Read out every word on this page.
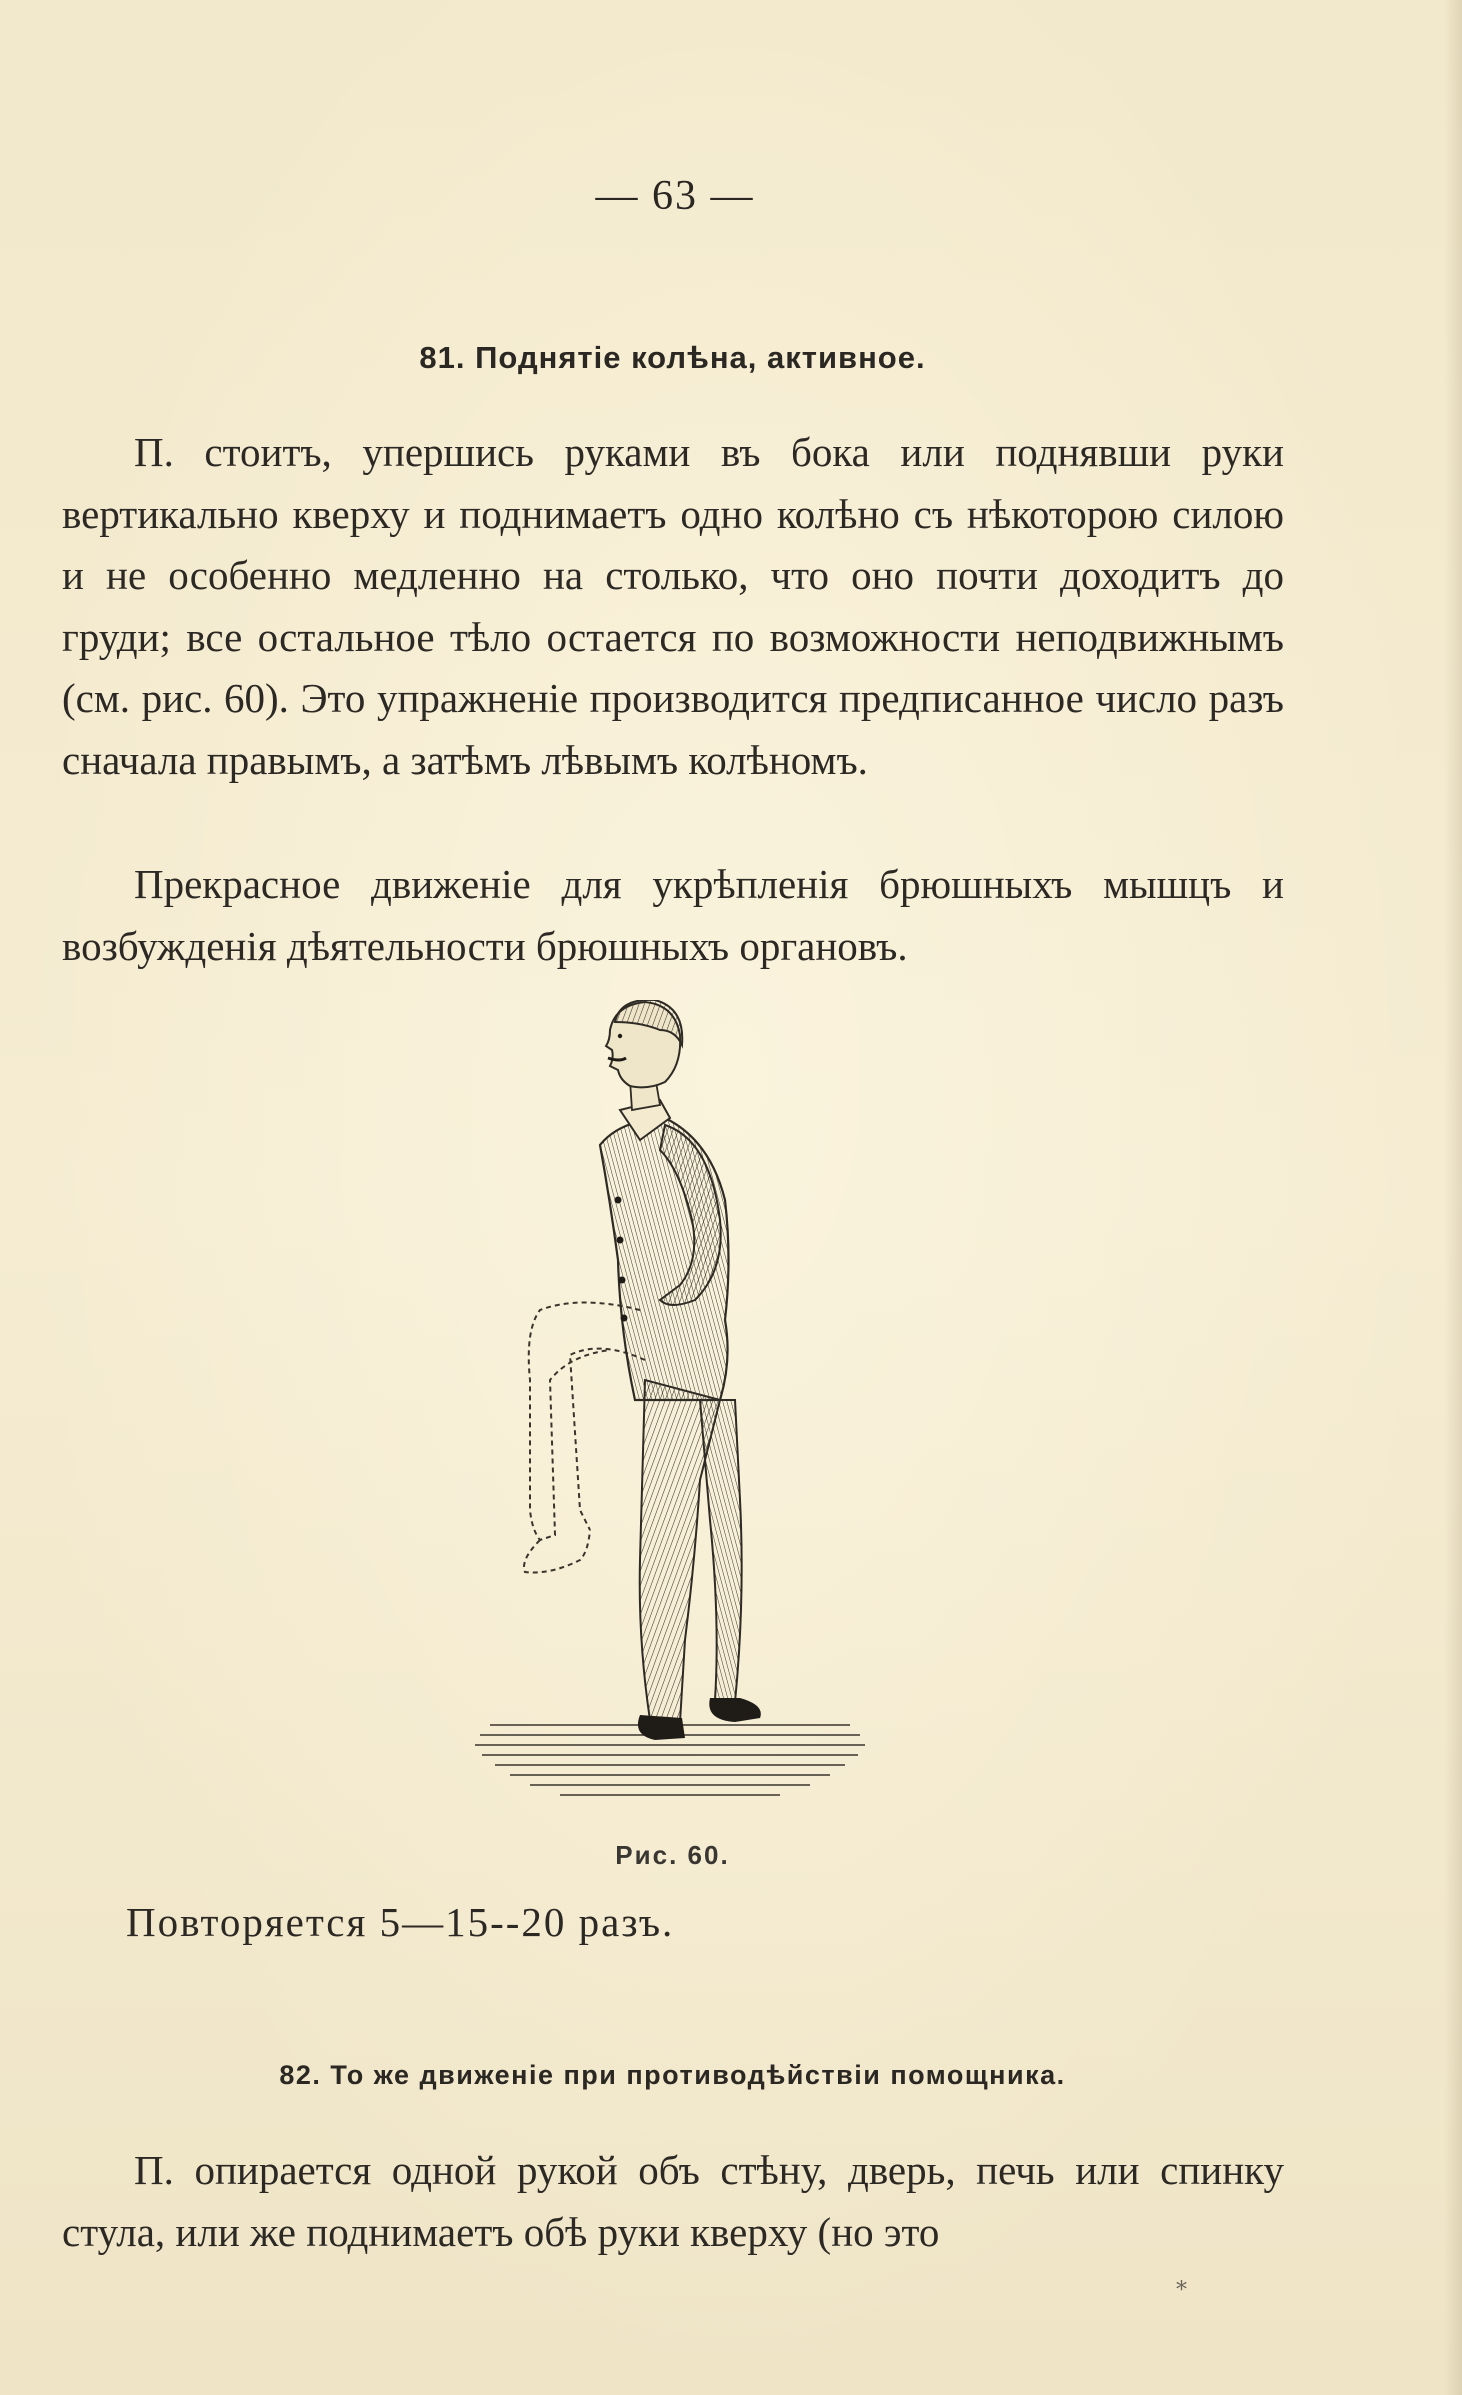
— 63 —
81. Поднятіе колѣна, активное.
П. стоитъ, упершись руками въ бока или поднявши руки вертикально кверху и поднимаетъ одно колѣно съ нѣкоторою силою и не особенно медленно на столько, что оно почти доходитъ до груди; все остальное тѣло остается по возможности неподвижнымъ (см. рис. 60). Это упражненіе производится предписанное число разъ сначала правымъ, а затѣмъ лѣвымъ колѣномъ.
Прекрасное движеніе для укрѣпленія брюшныхъ мышцъ и возбужденія дѣятельности брюшныхъ органовъ.
Рис. 60.
Повторяется 5—15--20 разъ.
82. То же движеніе при противодѣйствіи помощника.
П. опирается одной рукой объ стѣну, дверь, печь или спинку стула, или же поднимаетъ обѣ руки кверху (но это
*
